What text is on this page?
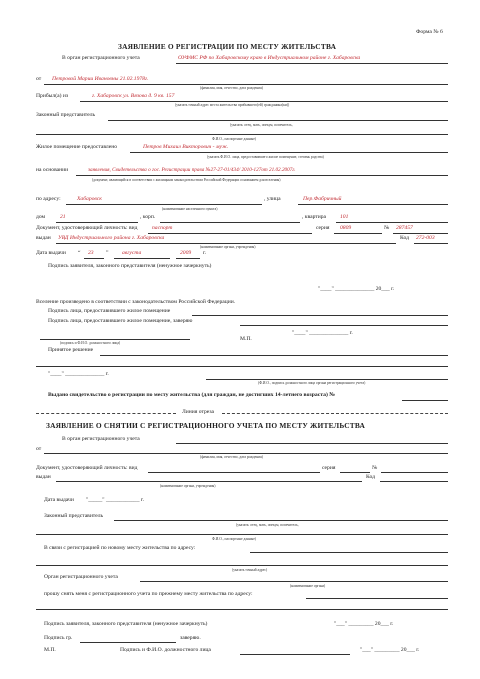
Форма № 6
ЗАЯВЛЕНИЕ О РЕГИСТРАЦИИ ПО МЕСТУ ЖИТЕЛЬСТВА
В орган регистрационного учета	ОУФМС РФ по Хабаровскому краю в Индустриальном районе г. Хабаровска
от Петровой Марии Ивановны 21.02.1978г.
(фамилия, имя, отчество, дата рождения)
Прибыл(а) из	г. Хабаровск ул. Вязова д. 9 кв. 157
(указать точный адрес места жительства прибывшего(ей) гражданина(ки))
Законный представитель
(указать: отец, мать, опекун, попечитель,
Ф.И.О., паспортные данные)
Жилое помещение предоставлено	Петров Михаил Викторович - муж.
(указать Ф.И.О. лица, предоставившего жилое помещение, степень родства)
на основании	заявления, Свидетельства о гос. Регистрации права №27-27-01/434/ 2010-127от 21.02.2007г.
(документ, являющийся в соответствии с жилищным законодательством Российской Федерации основанием для вселения)
по адресу:	Хабаровск
(наименование населенного пункта)
, улица	Пер.Фабричный
дом	21	, корп.	, квартира 101
Документ, удостоверяющий личность: вид	паспорт	серия 0809	№ 287457
выдан УВД Индустриального района г. Хабаровска
(наименование органа, учреждения)
Код 272-003
Дата выдачи “ 23 ” августа	2009 г.
Подпись заявителя, законного представителя (ненужное зачеркнуть)
"____" ______________ 20___ г.
Вселение произведено в соответствии с законодательством Российской Федерации.
Подпись лица, предоставившего жилое помещение
Подпись лица, предоставившего жилое помещение, заверяю
"____" ______________ г.
(подпись и Ф.И.О. должностного лица)
М.П.
Принятое решение
"____" ______________ г.
(Ф.И.О., подпись должностного лица органа регистрационного учета)
Выдано свидетельство о регистрации по месту жительства (для граждан, не достигших 14-летнего возраста) №
Линия отреза
ЗАЯВЛЕНИЕ О СНЯТИИ С РЕГИСТРАЦИОННОГО УЧЕТА ПО МЕСТУ ЖИТЕЛЬСТВА
В орган регистрационного учета
от
(фамилия, имя, отчество, дата рождения)
Документ, удостоверяющий личность: вид	серия	№
выдан
(наименование органа, учреждения)
Код
Дата выдачи "_____" ____________ г.
Законный представитель
(указать: отец, мать, опекун, попечитель,
Ф.И.О., паспортные данные)
В связи с регистрацией по новому месту жительства по адресу:
(указать точный адрес)
Орган регистрационного учета
(наименование органа)
прошу снять меня с регистрационного учета по прежнему месту жительства по адресу:
Подпись заявителя, законного представителя (ненужное зачеркнуть)	"___" _________ 20___ г.
Подпись гр.	заверяю.
М.П.	Подпись и Ф.И.О. должностного лица	"___" _________ 20___ г.
